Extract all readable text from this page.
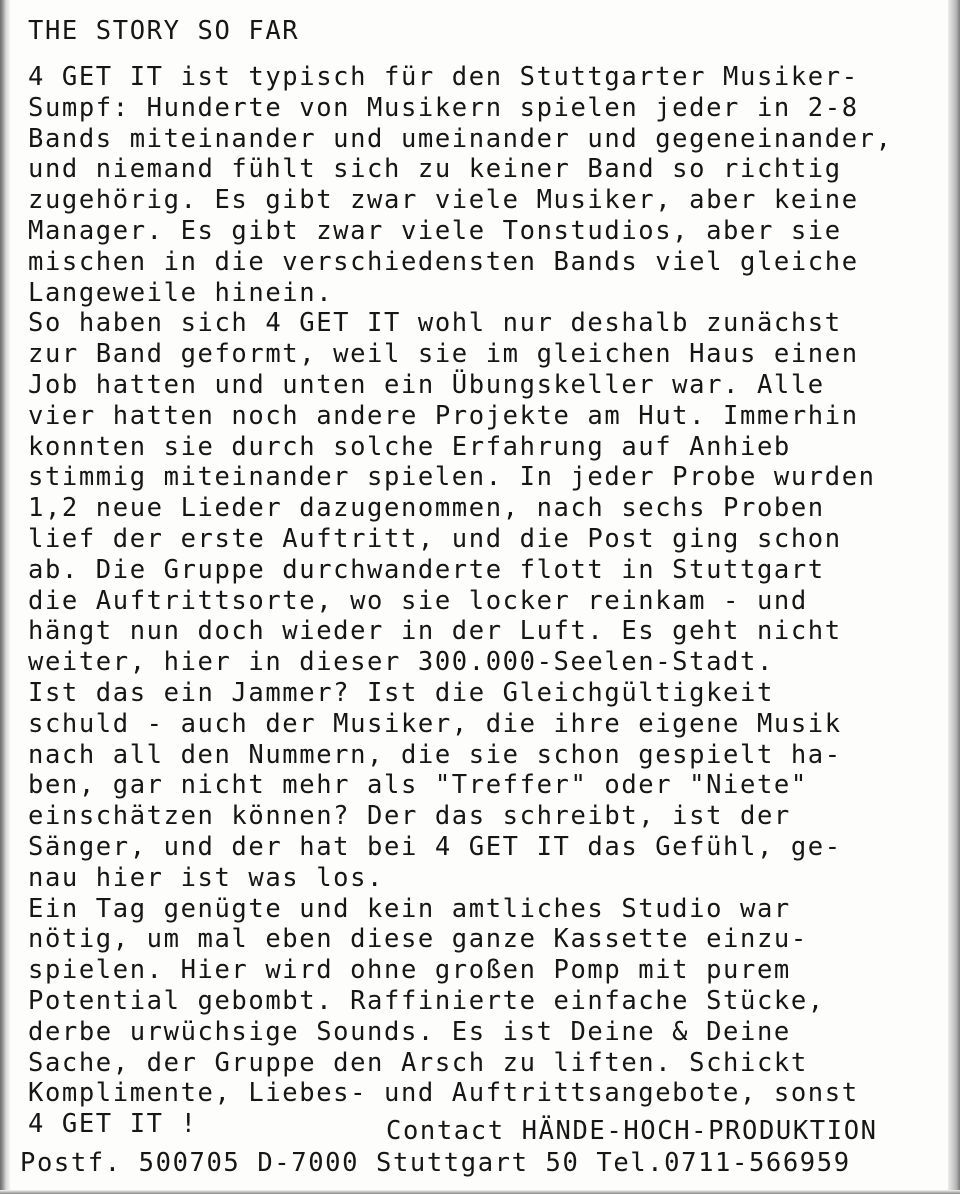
THE STORY SO FAR
4 GET IT ist typisch für den Stuttgarter Musiker-
Sumpf: Hunderte von Musikern spielen jeder in 2-8
Bands miteinander und umeinander und gegeneinander,
und niemand fühlt sich zu keiner Band so richtig
zugehörig. Es gibt zwar viele Musiker, aber keine
Manager. Es gibt zwar viele Tonstudios, aber sie
mischen in die verschiedensten Bands viel gleiche
Langeweile hinein.
So haben sich 4 GET IT wohl nur deshalb zunächst
zur Band geformt, weil sie im gleichen Haus einen
Job hatten und unten ein Übungskeller war. Alle
vier hatten noch andere Projekte am Hut. Immerhin
konnten sie durch solche Erfahrung auf Anhieb
stimmig miteinander spielen. In jeder Probe wurden
1,2 neue Lieder dazugenommen, nach sechs Proben
lief der erste Auftritt, und die Post ging schon
ab. Die Gruppe durchwanderte flott in Stuttgart
die Auftrittsorte, wo sie locker reinkam - und
hängt nun doch wieder in der Luft. Es geht nicht
weiter, hier in dieser 300.000-Seelen-Stadt.
Ist das ein Jammer? Ist die Gleichgültigkeit
schuld - auch der Musiker, die ihre eigene Musik
nach all den Nummern, die sie schon gespielt ha-
ben, gar nicht mehr als "Treffer" oder "Niete"
einschätzen können? Der das schreibt, ist der
Sänger, und der hat bei 4 GET IT das Gefühl, ge-
nau hier ist was los.
Ein Tag genügte und kein amtliches Studio war
nötig, um mal eben diese ganze Kassette einzu-
spielen. Hier wird ohne großen Pomp mit purem
Potential gebombt. Raffinierte einfache Stücke,
derbe urwüchsige Sounds. Es ist Deine & Deine
Sache, der Gruppe den Arsch zu liften. Schickt
Komplimente, Liebes- und Auftrittsangebote, sonst
4 GET IT !	Contact HÄNDE-HOCH-PRODUKTION
Postf. 500705 D-7000 Stuttgart 50 Tel.0711-566959
